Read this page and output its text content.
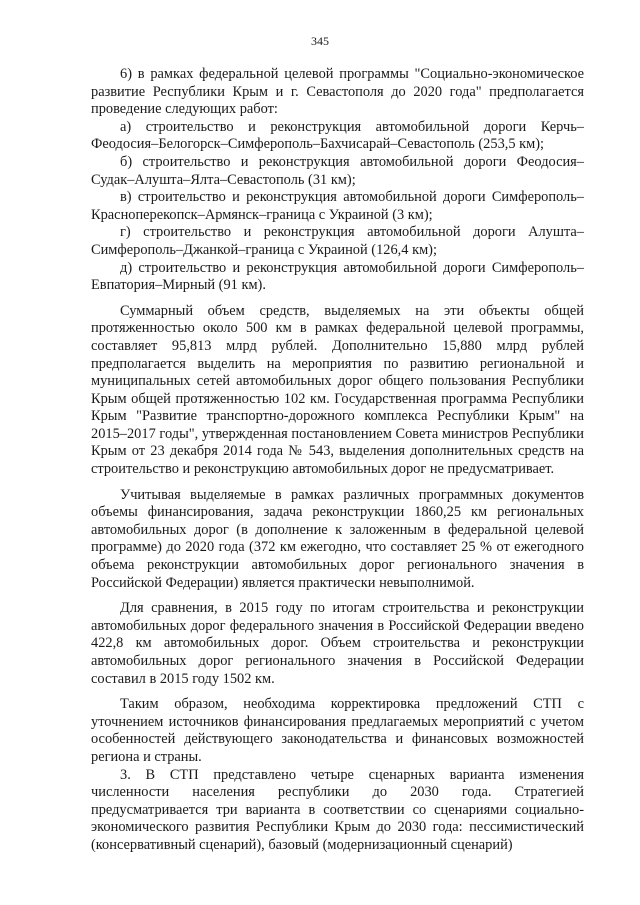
345

6) в рамках федеральной целевой программы "Социально-экономическое развитие Республики Крым и г. Севастополя до 2020 года" предполагается проведение следующих работ:

а) строительство и реконструкция автомобильной дороги Керчь–Феодосия–Белогорск–Симферополь–Бахчисарай–Севастополь (253,5 км);

б) строительство и реконструкция автомобильной дороги Феодосия–Судак–Алушта–Ялта–Севастополь (31 км);

в) строительство и реконструкция автомобильной дороги Симферополь–Красноперекопск–Армянск–граница с Украиной (3 км);

г) строительство и реконструкция автомобильной дороги Алушта–Симферополь–Джанкой–граница с Украиной (126,4 км);

д) строительство и реконструкция автомобильной дороги Симферополь–Евпатория–Мирный (91 км).

Суммарный объем средств, выделяемых на эти объекты общей протяженностью около 500 км в рамках федеральной целевой программы, составляет 95,813 млрд рублей. Дополнительно 15,880 млрд рублей предполагается выделить на мероприятия по развитию региональной и муниципальных сетей автомобильных дорог общего пользования Республики Крым общей протяженностью 102 км. Государственная программа Республики Крым "Развитие транспортно-дорожного комплекса Республики Крым" на 2015–2017 годы", утвержденная постановлением Совета министров Республики Крым от 23 декабря 2014 года № 543, выделения дополнительных средств на строительство и реконструкцию автомобильных дорог не предусматривает.

Учитывая выделяемые в рамках различных программных документов объемы финансирования, задача реконструкции 1860,25 км региональных автомобильных дорог (в дополнение к заложенным в федеральной целевой программе) до 2020 года (372 км ежегодно, что составляет 25 % от ежегодного объема реконструкции автомобильных дорог регионального значения в Российской Федерации) является практически невыполнимой.

Для сравнения, в 2015 году по итогам строительства и реконструкции автомобильных дорог федерального значения в Российской Федерации введено 422,8 км автомобильных дорог. Объем строительства и реконструкции автомобильных дорог регионального значения в Российской Федерации составил в 2015 году 1502 км.

Таким образом, необходима корректировка предложений СТП с уточнением источников финансирования предлагаемых мероприятий с учетом особенностей действующего законодательства и финансовых возможностей региона и страны.

3. В СТП представлено четыре сценарных варианта изменения численности населения республики до 2030 года. Стратегией предусматривается три варианта в соответствии со сценариями социально-экономического развития Республики Крым до 2030 года: пессимистический (консервативный сценарий), базовый (модернизационный сценарий)
